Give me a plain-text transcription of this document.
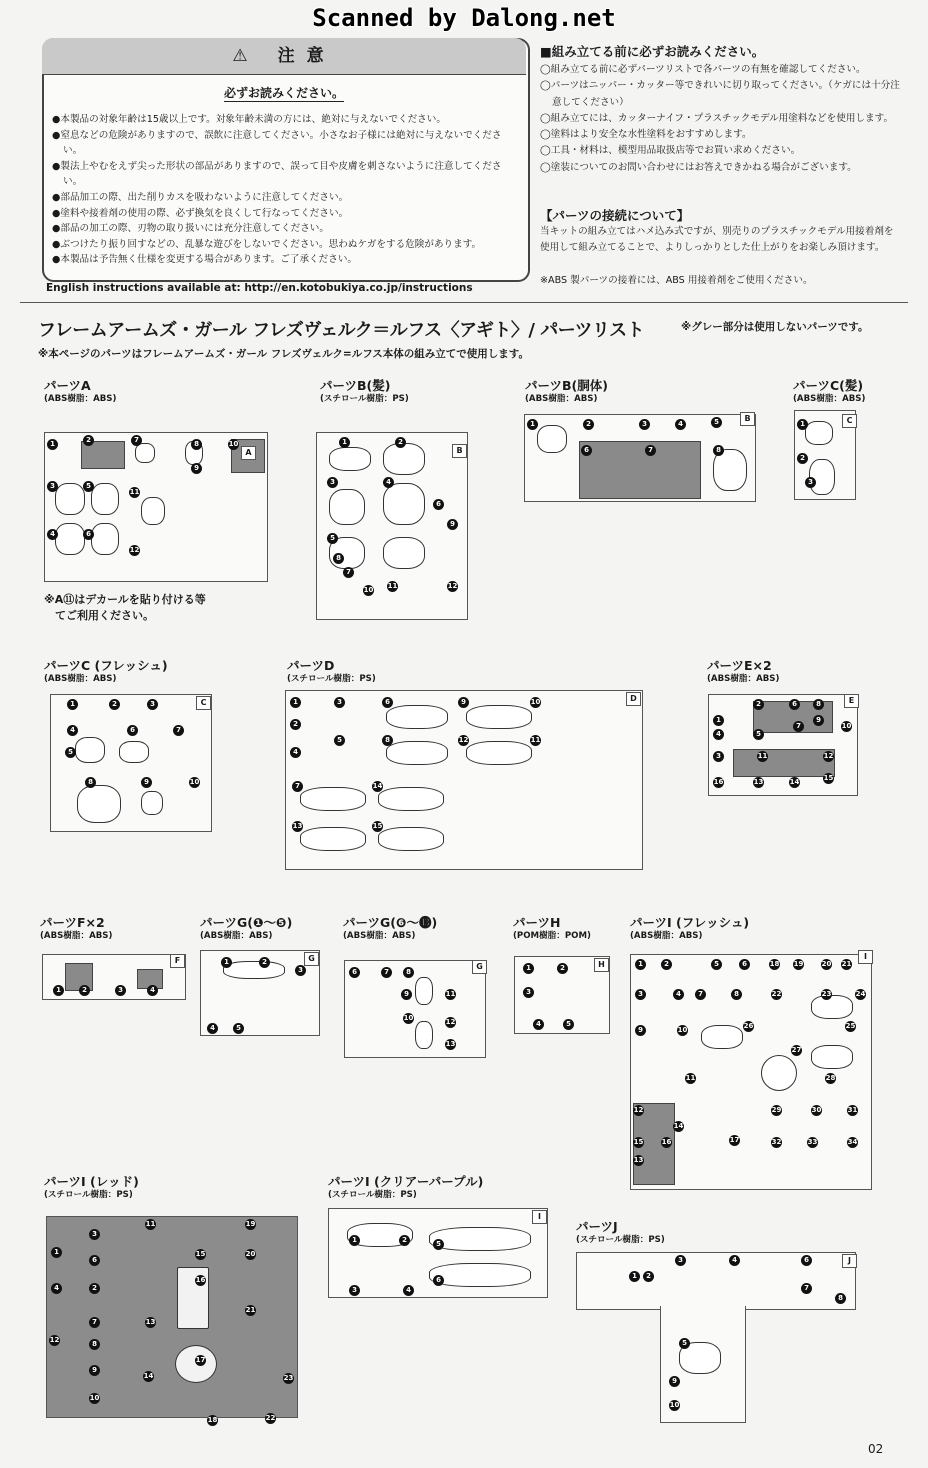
Scanned by Dalong.net
⚠ 注意
必ずお読みください。
●本製品の対象年齢は15歳以上です。対象年齢未満の方には、絶対に与えないでください。
●窒息などの危険がありますので、誤飲に注意してください。小さなお子様には絶対に与えないでください。
●製法上やむをえず尖った形状の部品がありますので、誤って目や皮膚を刺さないように注意してください。
●部品加工の際、出た削りカスを吸わないように注意してください。
●塗料や接着剤の使用の際、必ず換気を良くして行なってください。
●部品の加工の際、刃物の取り扱いには充分注意してください。
●ぶつけたり振り回すなどの、乱暴な遊びをしないでください。思わぬケガをする危険があります。
●本製品は予告無く仕様を変更する場合があります。ご了承ください。
English instructions available at: http://en.kotobukiya.co.jp/instructions
■組み立てる前に必ずお読みください。
◯組み立てる前に必ずパーツリストで各パーツの有無を確認してください。
◯パーツはニッパー・カッター等できれいに切り取ってください。（ケガには十分注意してください）
◯組み立てには、カッターナイフ・プラスチックモデル用塗料などを使用します。
◯塗料はより安全な水性塗料をおすすめします。
◯工具・材料は、模型用品取扱店等でお買い求めください。
◯塗装についてのお問い合わせにはお答えできかねる場合がございます。
【パーツの接続について】
当キットの組み立てはハメ込み式ですが、別売りのプラスチックモデル用接着剤を使用して組み立てることで、よりしっかりとした仕上がりをお楽しみ頂けます。
※ABS 製パーツの接着には、ABS 用接着剤をご使用ください。
フレームアームズ・ガール フレズヴェルク＝ルフス〈アギト〉/ パーツリスト	※グレー部分は使用しないパーツです。
※本ページのパーツはフレームアームズ・ガール フレズヴェルク=ルフス本体の組み立てで使用します。
パーツA
(ABS樹脂：ABS)
パーツB(髪)
(スチロール樹脂：PS)
パーツB(胴体)
(ABS樹脂：ABS)
パーツC(髪)
(ABS樹脂：ABS)
パーツC (フレッシュ)
(ABS樹脂：ABS)
パーツD
(スチロール樹脂：PS)
パーツE×2
(ABS樹脂：ABS)
パーツF×2
(ABS樹脂：ABS)
パーツG(❶〜❺)
(ABS樹脂：ABS)
パーツG(❻〜⓭)
(ABS樹脂：ABS)
パーツH
(POM樹脂：POM)
パーツI (フレッシュ)
(ABS樹脂：ABS)
パーツI (レッド)
(スチロール樹脂：PS)
パーツI (クリアーパープル)
(スチロール樹脂：PS)
パーツJ
(スチロール樹脂：PS)
1	2
3
4
5
6
7	8
9
10
11
12
A
1	2
3	4
5
6
7
8
9
10 11	12
B
1	2	3	4	5
6	7	8
B
1
2
3
C
※A⑪はデカールを貼り付ける等
　てご利用ください。
1	2	3
4
5
6	7
8	9	10
C	1
2
3
4
5
6
7
8
9	10
11
12
13
14
15
D
1
2
3
4	5
6
7
8
9
10
11	12
13	14	15
16
E
1	2	3	4
F	1	2
3
4	5
G
6	7	8
9
10
11
12
13
G	1	2
3
4	5
H	1	2
3	4
5	6
7	8
9	10
11
12
13
14
15	16	17
18 19	20 21
22	23	24
25
26
27
28
29	30	31
32	33	34
I
1
3
4	2
6
7
8
9
10
11
12
13
14
15
16
17
18
19
20
21
22
23
1	2
3	4
5
6
I
1	2
3	4	6
7
8
5
9
10
J
02
